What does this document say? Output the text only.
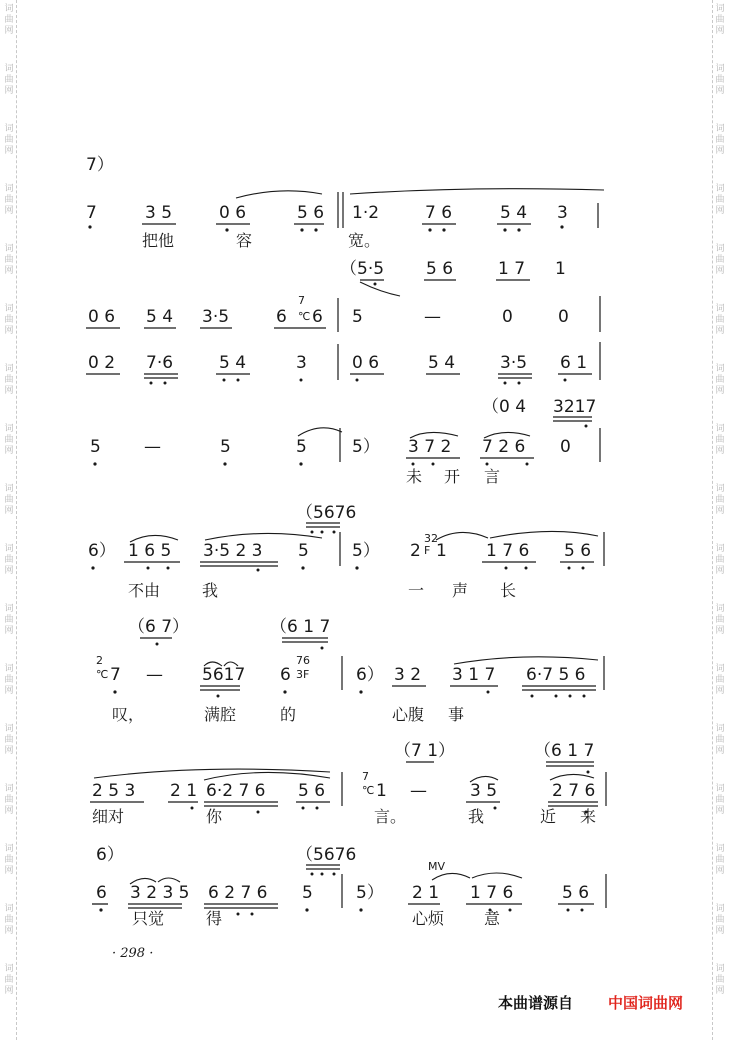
词
曲
网
词
曲
网
词
曲
网
词
曲
网
词
曲
网
词
曲
网
词
曲
网
词
曲
网
词
曲
网
词
曲
网
词
曲
网
词
曲
网
词
曲
网
词
曲
网
词
曲
网
词
曲
网
词
曲
网
词
曲
网
词
曲
网
词
曲
网
词
曲
网
词
曲
网
词
曲
网
词
曲
网
词
曲
网
词
曲
网
词
曲
网
词
曲
网
词
曲
网
词
曲
网
词
曲
网
词
曲
网
词
曲
网
词
曲
网
7）
7	3 5	0 6	5 6 1·2	7 6	5 4 3
把他	容	宽。
（5·5 5 6	1 7 1
0 6 5 4 3·5
7
6 ℃ 6 5	—	0	0
0 2 7·6	5 4	3	0 6	5 4	3·5 6 1
（0 4 3217
5	—	5	5	5） 3 7 2 7 2 6 0
未 开 言
（5676
6） 1 6 5 3·5 2 3 5	5） 2
32
F 1 1 7 6 5 6
不由	我	一 声 长
（6 7）	（6 1 7
2
℃ 7 — 5617 6
76
3F	6） 3 2 3 1 7 6·7 5 6
叹，	满腔	的	心腹 事
（7 1）	（6 1 7
2 5 3 2 1 6·2 7 6 5 6
7
℃ 1 —	3 5	2 7 6
细对	你	言。	我	近 来
6）	（5676
MV
6 3 2 3 5 6 2 7 6 5	5） 2 1 1 7 6	5 6
只觉	得	心烦 意
· 298 ·
本曲谱源自 中国词曲网
